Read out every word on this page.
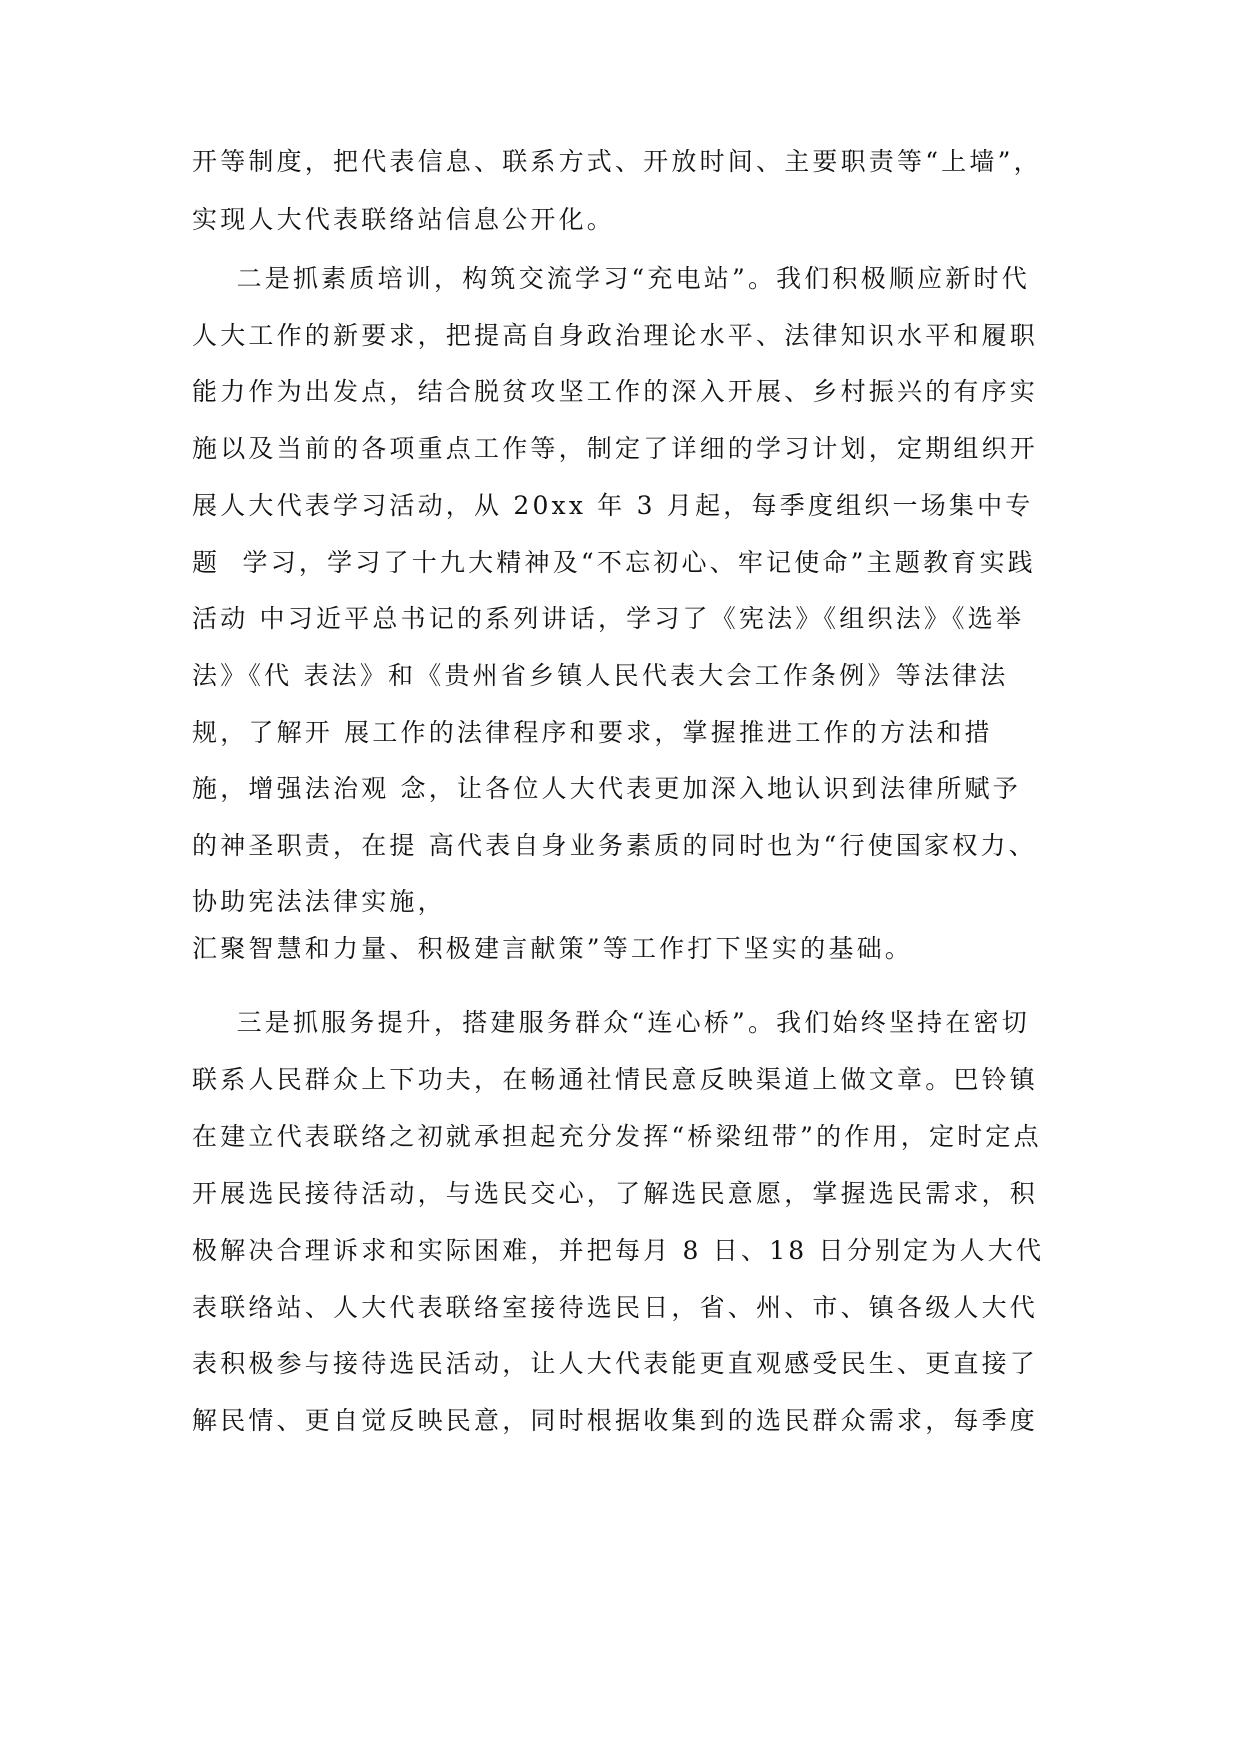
开等制度，把代表信息、联系方式、开放时间、主要职责等“上墙”，
实现人大代表联络站信息公开化。
二是抓素质培训，构筑交流学习“充电站”。我们积极顺应新时代
人大工作的新要求，把提高自身政治理论水平、法律知识水平和履职
能力作为出发点，结合脱贫攻坚工作的深入开展、乡村振兴的有序实
施以及当前的各项重点工作等，制定了详细的学习计划，定期组织开
展人大代表学习活动，从 20xx 年 3 月起，每季度组织一场集中专
题  学习，学习了十九大精神及“不忘初心、牢记使命”主题教育实践
活动 中习近平总书记的系列讲话，学习了《宪法》《组织法》《选举
法》《代 表法》和《贵州省乡镇人民代表大会工作条例》等法律法
规，了解开 展工作的法律程序和要求，掌握推进工作的方法和措
施，增强法治观 念，让各位人大代表更加深入地认识到法律所赋予
的神圣职责，在提 高代表自身业务素质的同时也为“行使国家权力、
协助宪法法律实施，
汇聚智慧和力量、积极建言献策”等工作打下坚实的基础。
三是抓服务提升，搭建服务群众“连心桥”。我们始终坚持在密切
联系人民群众上下功夫，在畅通社情民意反映渠道上做文章。巴铃镇
在建立代表联络之初就承担起充分发挥“桥梁纽带”的作用，定时定点
开展选民接待活动，与选民交心，了解选民意愿，掌握选民需求，积
极解决合理诉求和实际困难，并把每月 8 日、18 日分别定为人大代
表联络站、人大代表联络室接待选民日，省、州、市、镇各级人大代
表积极参与接待选民活动，让人大代表能更直观感受民生、更直接了
解民情、更自觉反映民意，同时根据收集到的选民群众需求，每季度
